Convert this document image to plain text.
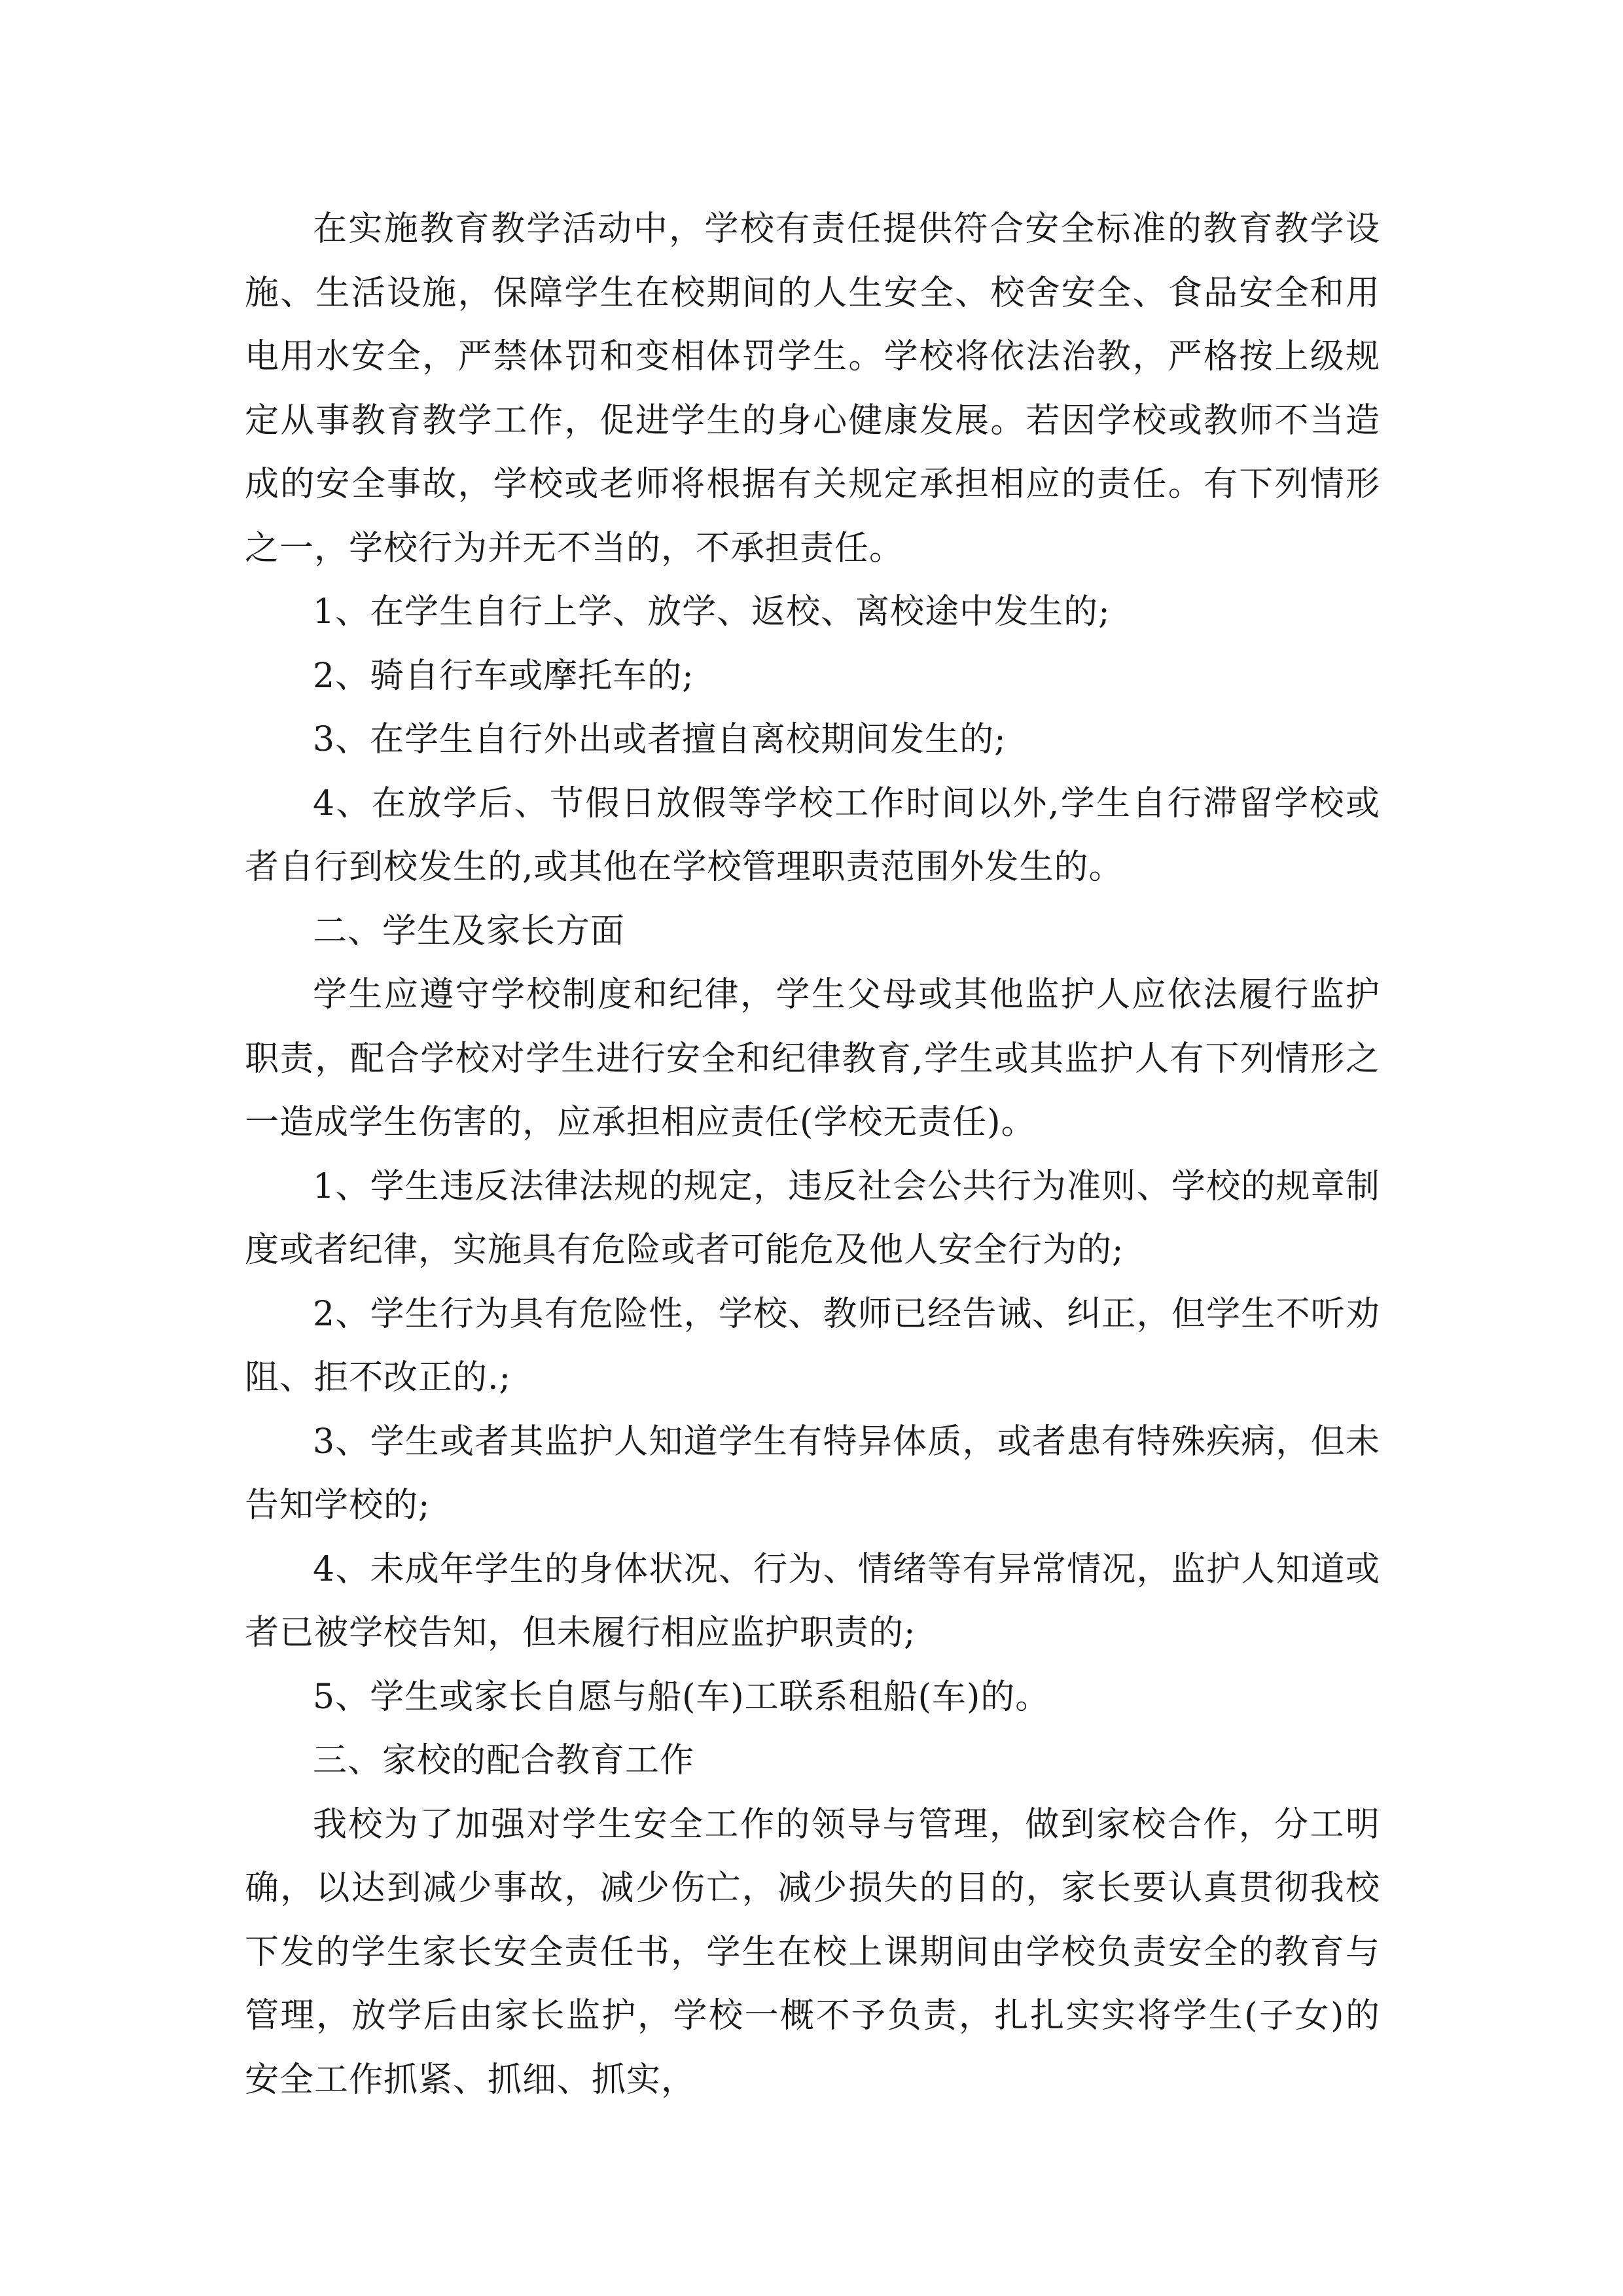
在实施教育教学活动中，学校有责任提供符合安全标准的教育教学设施、生活设施，保障学生在校期间的人生安全、校舍安全、食品安全和用电用水安全，严禁体罚和变相体罚学生。学校将依法治教，严格按上级规定从事教育教学工作，促进学生的身心健康发展。若因学校或教师不当造成的安全事故，学校或老师将根据有关规定承担相应的责任。有下列情形之一，学校行为并无不当的，不承担责任。

1、在学生自行上学、放学、返校、离校途中发生的;

2、骑自行车或摩托车的;

3、在学生自行外出或者擅自离校期间发生的;

4、在放学后、节假日放假等学校工作时间以外,学生自行滞留学校或者自行到校发生的,或其他在学校管理职责范围外发生的。

二、学生及家长方面

学生应遵守学校制度和纪律，学生父母或其他监护人应依法履行监护职责，配合学校对学生进行安全和纪律教育,学生或其监护人有下列情形之一造成学生伤害的，应承担相应责任(学校无责任)。

1、学生违反法律法规的规定，违反社会公共行为准则、学校的规章制度或者纪律，实施具有危险或者可能危及他人安全行为的;

2、学生行为具有危险性，学校、教师已经告诫、纠正，但学生不听劝阻、拒不改正的.;

3、学生或者其监护人知道学生有特异体质，或者患有特殊疾病，但未告知学校的;

4、未成年学生的身体状况、行为、情绪等有异常情况，监护人知道或者已被学校告知，但未履行相应监护职责的;

5、学生或家长自愿与船(车)工联系租船(车)的。

三、家校的配合教育工作

我校为了加强对学生安全工作的领导与管理，做到家校合作，分工明确，以达到减少事故，减少伤亡，减少损失的目的，家长要认真贯彻我校下发的学生家长安全责任书，学生在校上课期间由学校负责安全的教育与管理，放学后由家长监护，学校一概不予负责，扎扎实实将学生(子女)的安全工作抓紧、抓细、抓实，
